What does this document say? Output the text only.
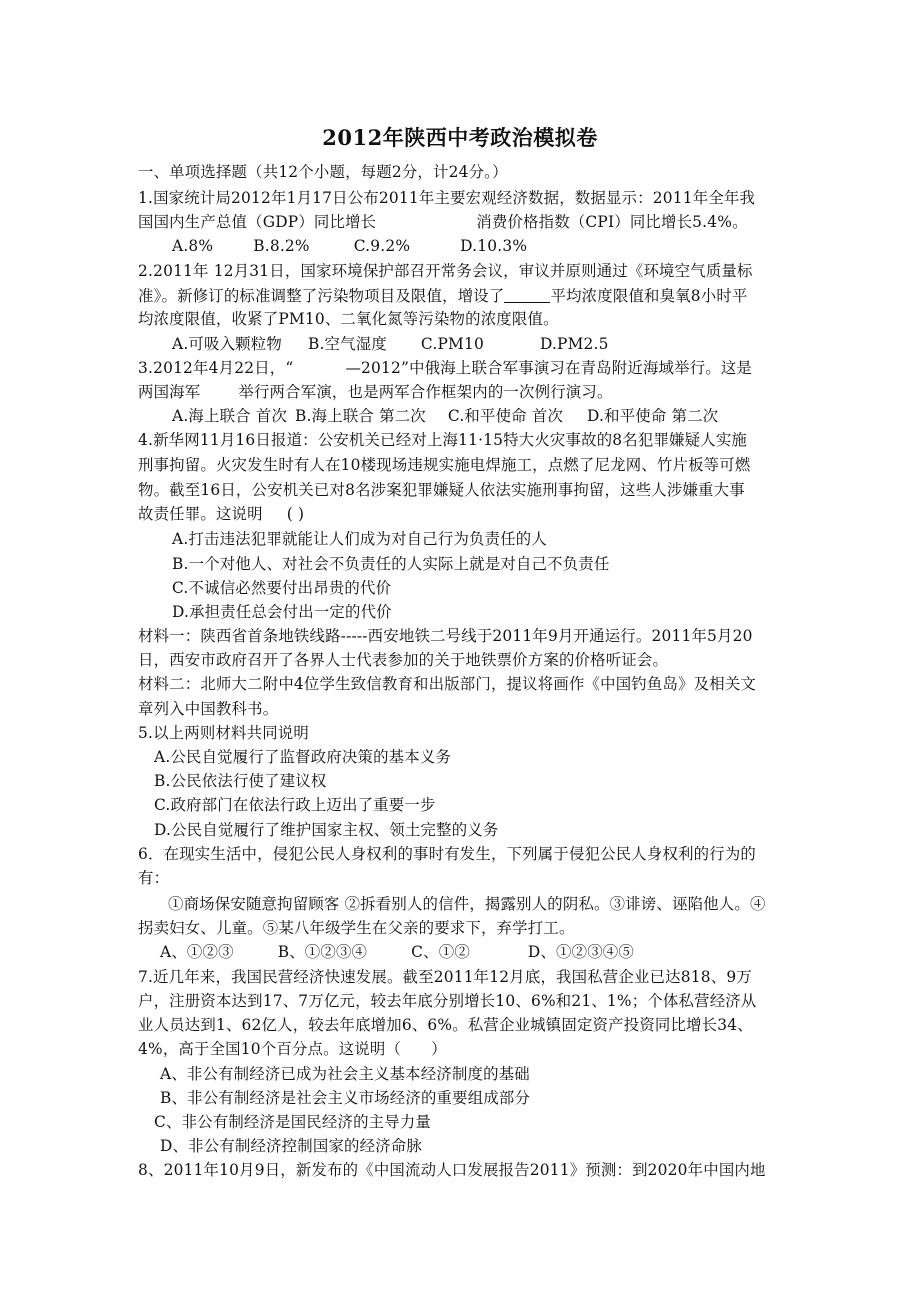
2012年陕西中考政治模拟卷
一、单项选择题（共12个小题，每题2分，计24分。）
1.国家统计局2012年1月17日公布2011年主要宏观经济数据，数据显示：2011年全年我
国国内生产总值（GDP）同比增长	消费价格指数（CPI）同比增长5.4%。
A.8%	B.8.2%	C.9.2%	D.10.3%
2.2011年 12月31日，国家环境保护部召开常务会议，审议并原则通过《环境空气质量标
准》。新修订的标准调整了污染物项目及限值，增设了	平均浓度限值和臭氧8小时平
均浓度限值，收紧了PM10、二氧化氮等污染物的浓度限值。
A.可吸入颗粒物 B.空气湿度 C.PM10	D.PM2.5
3.2012年4月22日，“	—2012”中俄海上联合军事演习在青岛附近海域举行。这是
两国海军 举行两合军演，也是两军合作框架内的一次例行演习。
A.海上联合 首次 B.海上联合 第二次 C.和平使命 首次 D.和平使命 第二次
4.新华网11月16日报道：公安机关已经对上海11·15特大火灾事故的8名犯罪嫌疑人实施
刑事拘留。火灾发生时有人在10楼现场违规实施电焊施工，点燃了尼龙网、竹片板等可燃
物。截至16日，公安机关已对8名涉案犯罪嫌疑人依法实施刑事拘留，这些人涉嫌重大事
故责任罪。这说明 ( )
A.打击违法犯罪就能让人们成为对自己行为负责任的人
B.一个对他人、对社会不负责任的人实际上就是对自己不负责任
C.不诚信必然要付出昂贵的代价
D.承担责任总会付出一定的代价
材料一：陕西省首条地铁线路-----西安地铁二号线于2011年9月开通运行。2011年5月20
日，西安市政府召开了各界人士代表参加的关于地铁票价方案的价格听证会。
材料二：北师大二附中4位学生致信教育和出版部门，提议将画作《中国钓鱼岛》及相关文
章列入中国教科书。
5.以上两则材料共同说明
A.公民自觉履行了监督政府决策的基本义务
B.公民依法行使了建议权
C.政府部门在依法行政上迈出了重要一步
D.公民自觉履行了维护国家主权、领土完整的义务
6．在现实生活中，侵犯公民人身权利的事时有发生，下列属于侵犯公民人身权利的行为的
有：
①商场保安随意拘留顾客 ②拆看别人的信件，揭露别人的阴私。③诽谤、诬陷他人。④
拐卖妇女、儿童。⑤某八年级学生在父亲的要求下，弃学打工。
A、①②③	B、①②③④	C、①②	D、①②③④⑤
7.近几年来，我国民营经济快速发展。截至2011年12月底，我国私营企业已达818、9万
户，注册资本达到17、7万亿元，较去年底分别增长10、6%和21、1%；个体私营经济从
业人员达到1、62亿人，较去年底增加6、6%。私营企业城镇固定资产投资同比增长34、
4%，高于全国10个百分点。这说明（ ）
A、非公有制经济已成为社会主义基本经济制度的基础
B、非公有制经济是社会主义市场经济的重要组成部分
C、非公有制经济是国民经济的主导力量
D、非公有制经济控制国家的经济命脉
8、2011年10月9日，新发布的《中国流动人口发展报告2011》预测：到2020年中国内地
